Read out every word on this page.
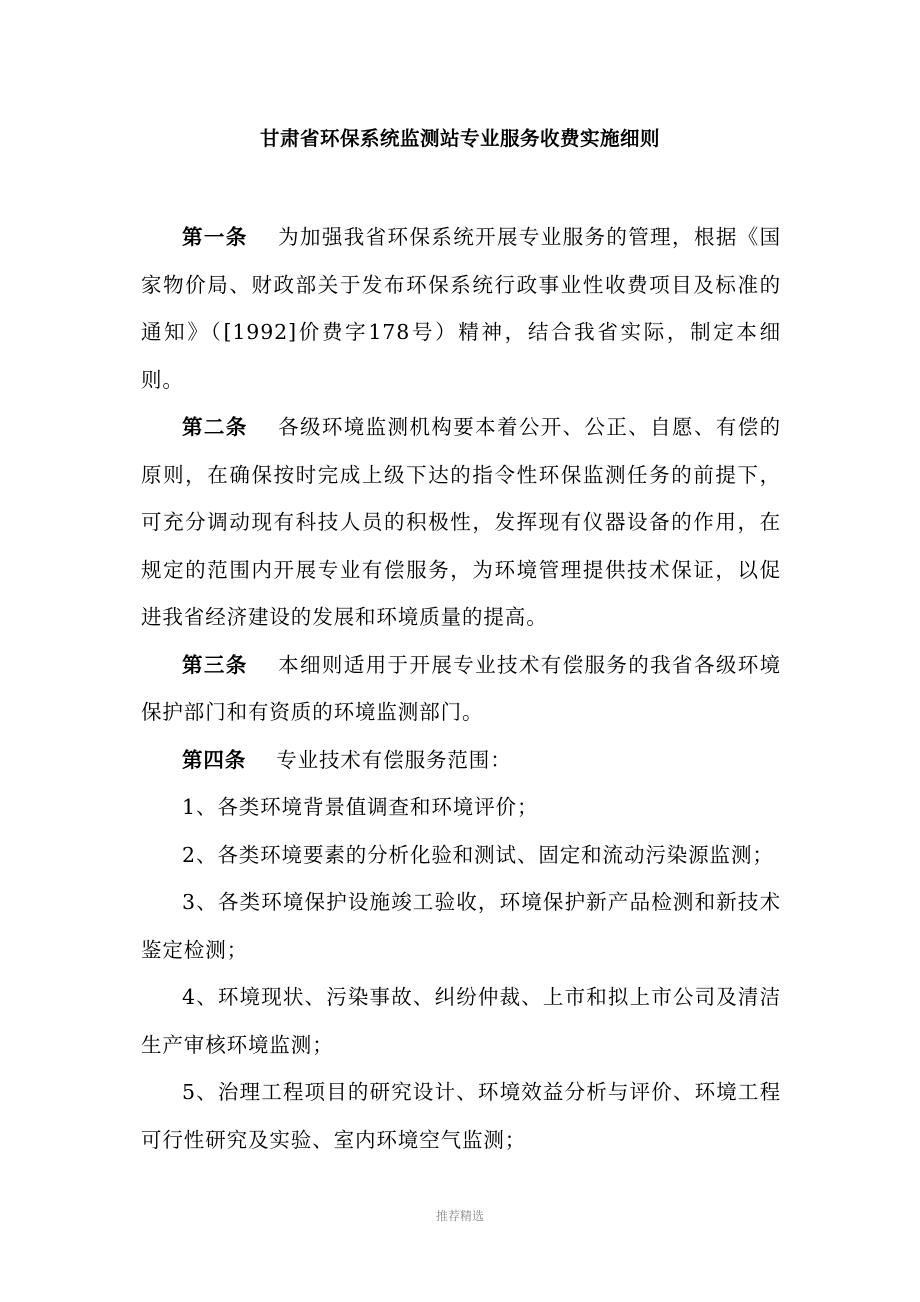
甘肃省环保系统监测站专业服务收费实施细则

第一条 为加强我省环保系统开展专业服务的管理，根据《国家物价局、财政部关于发布环保系统行政事业性收费项目及标准的通知》（[1992]价费字178号）精神，结合我省实际，制定本细则。

第二条 各级环境监测机构要本着公开、公正、自愿、有偿的原则，在确保按时完成上级下达的指令性环保监测任务的前提下，可充分调动现有科技人员的积极性，发挥现有仪器设备的作用，在规定的范围内开展专业有偿服务，为环境管理提供技术保证，以促进我省经济建设的发展和环境质量的提高。

第三条 本细则适用于开展专业技术有偿服务的我省各级环境保护部门和有资质的环境监测部门。

第四条 专业技术有偿服务范围：

1、各类环境背景值调查和环境评价；

2、各类环境要素的分析化验和测试、固定和流动污染源监测；

3、各类环境保护设施竣工验收，环境保护新产品检测和新技术鉴定检测；

4、环境现状、污染事故、纠纷仲裁、上市和拟上市公司及清洁生产审核环境监测；

5、治理工程项目的研究设计、环境效益分析与评价、环境工程可行性研究及实验、室内环境空气监测；

推荐精选
